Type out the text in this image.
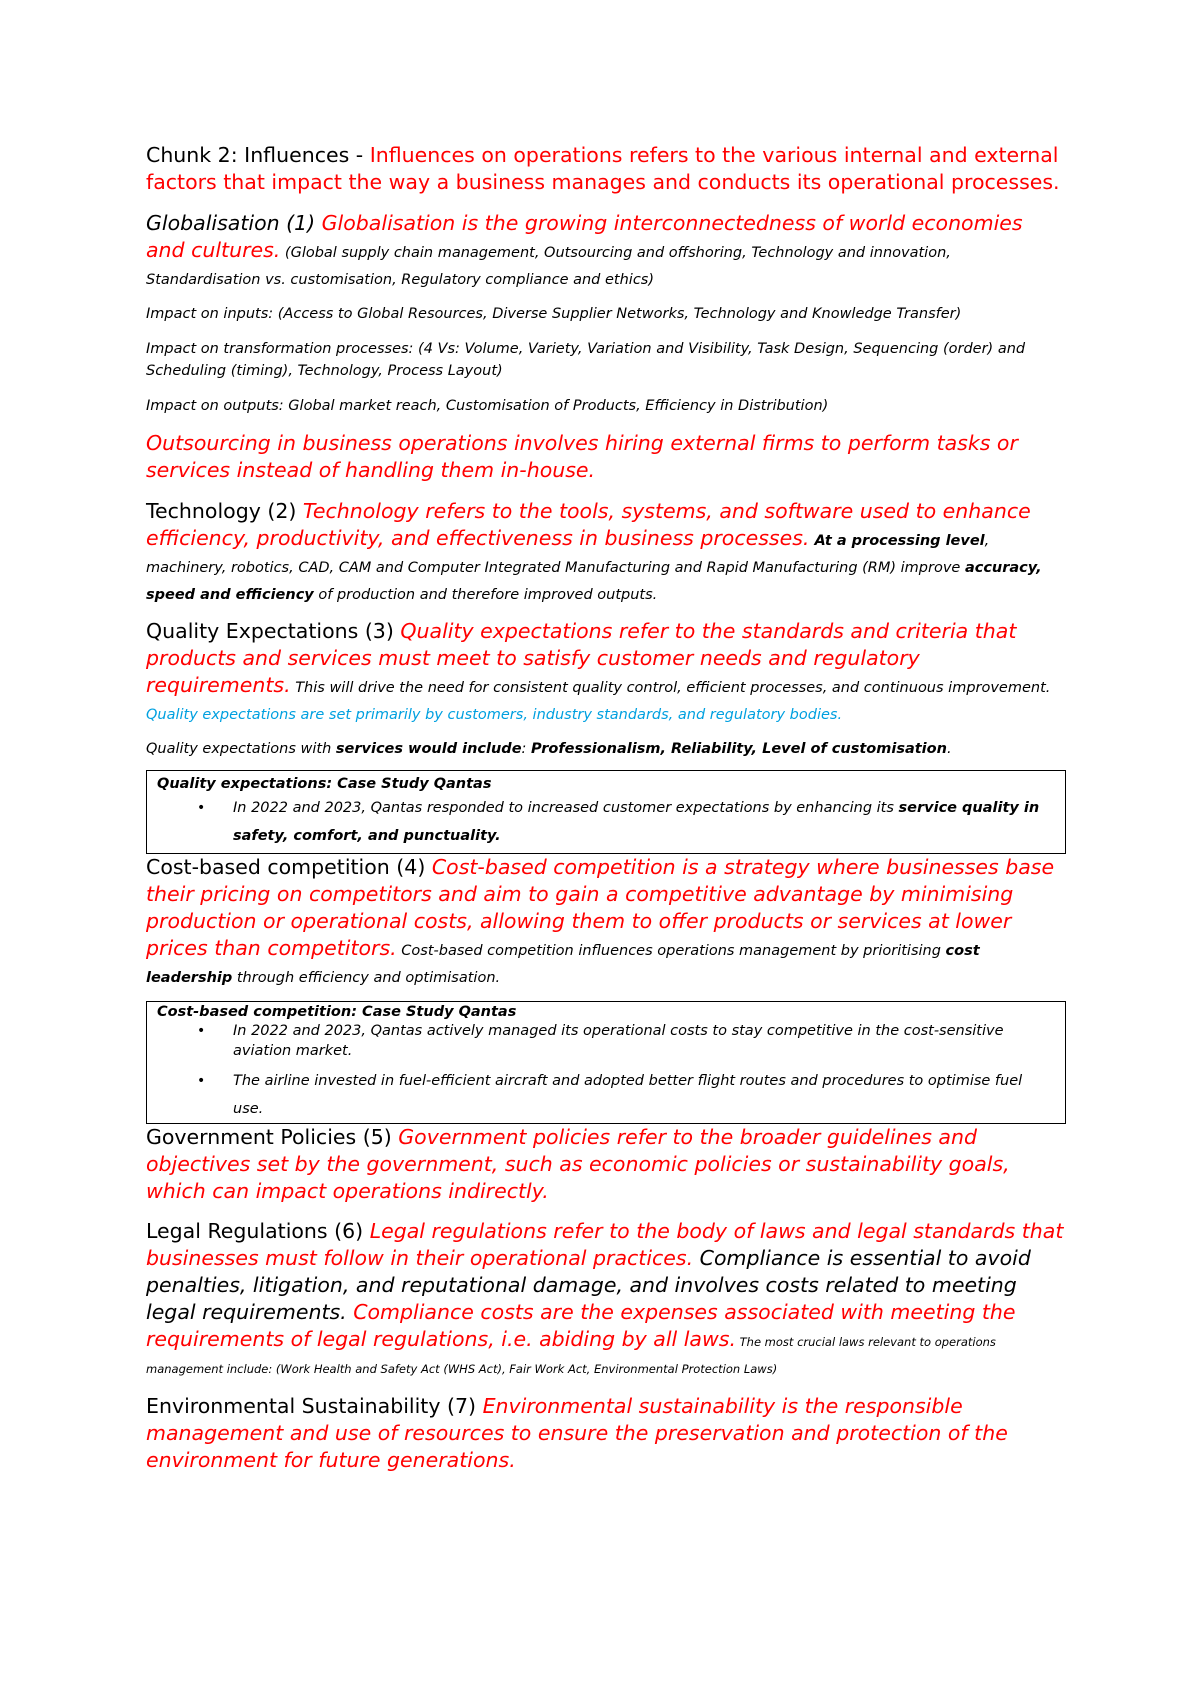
Chunk 2: Influences - Influences on operations refers to the various internal and external factors that impact the way a business manages and conducts its operational processes.

Globalisation (1) Globalisation is the growing interconnectedness of world economies and cultures. (Global supply chain management, Outsourcing and offshoring, Technology and innovation, Standardisation vs. customisation, Regulatory compliance and ethics)

Impact on inputs: (Access to Global Resources, Diverse Supplier Networks, Technology and Knowledge Transfer)

Impact on transformation processes: (4 Vs: Volume, Variety, Variation and Visibility, Task Design, Sequencing (order) and Scheduling (timing), Technology, Process Layout)

Impact on outputs: Global market reach, Customisation of Products, Efficiency in Distribution)

Outsourcing in business operations involves hiring external firms to perform tasks or services instead of handling them in-house.

Technology (2) Technology refers to the tools, systems, and software used to enhance efficiency, productivity, and effectiveness in business processes. At a processing level, machinery, robotics, CAD, CAM and Computer Integrated Manufacturing and Rapid Manufacturing (RM) improve accuracy, speed and efficiency of production and therefore improved outputs.

Quality Expectations (3) Quality expectations refer to the standards and criteria that products and services must meet to satisfy customer needs and regulatory requirements. This will drive the need for consistent quality control, efficient processes, and continuous improvement. Quality expectations are set primarily by customers, industry standards, and regulatory bodies.

Quality expectations with services would include: Professionalism, Reliability, Level of customisation.

Quality expectations: Case Study Qantas
• In 2022 and 2023, Qantas responded to increased customer expectations by enhancing its service quality in safety, comfort, and punctuality.

Cost-based competition (4) Cost-based competition is a strategy where businesses base their pricing on competitors and aim to gain a competitive advantage by minimising production or operational costs, allowing them to offer products or services at lower prices than competitors. Cost-based competition influences operations management by prioritising cost leadership through efficiency and optimisation.

Cost-based competition: Case Study Qantas
• In 2022 and 2023, Qantas actively managed its operational costs to stay competitive in the cost-sensitive aviation market.
• The airline invested in fuel-efficient aircraft and adopted better flight routes and procedures to optimise fuel use.

Government Policies (5) Government policies refer to the broader guidelines and objectives set by the government, such as economic policies or sustainability goals, which can impact operations indirectly.

Legal Regulations (6) Legal regulations refer to the body of laws and legal standards that businesses must follow in their operational practices. Compliance is essential to avoid penalties, litigation, and reputational damage, and involves costs related to meeting legal requirements. Compliance costs are the expenses associated with meeting the requirements of legal regulations, i.e. abiding by all laws. The most crucial laws relevant to operations management include: (Work Health and Safety Act (WHS Act), Fair Work Act, Environmental Protection Laws)

Environmental Sustainability (7) Environmental sustainability is the responsible management and use of resources to ensure the preservation and protection of the environment for future generations.
